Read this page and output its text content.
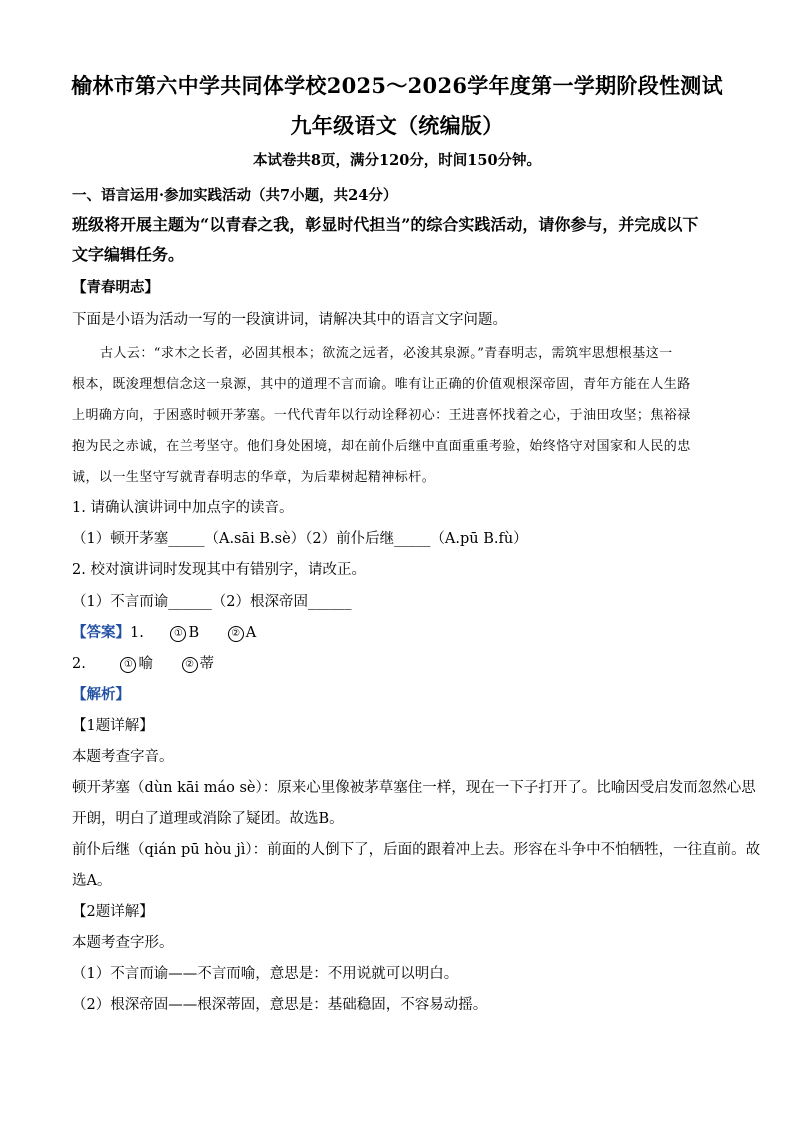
榆林市第六中学共同体学校2025～2026学年度第一学期阶段性测试
九年级语文（统编版）
本试卷共8页，满分120分，时间150分钟。
一、语言运用·参加实践活动（共7小题，共24分）
班级将开展主题为“以青春之我，彰显时代担当”的综合实践活动，请你参与，并完成以下
文字编辑任务。
【青春明志】
下面是小语为活动一写的一段演讲词，请解决其中的语言文字问题。
古人云：“求木之长者，必固其根本；欲流之远者，必浚其泉源。”青春明志，需筑牢思想根基这一
根本，既浚理想信念这一泉源，其中的道理不言而谕。唯有让正确的价值观根深帝固，青年方能在人生路
上明确方向，于困惑时顿开茅塞。一代代青年以行动诠释初心：王进喜怀找着之心，于油田攻坚；焦裕禄
抱为民之赤诚，在兰考坚守。他们身处困境，却在前仆后继中直面重重考验，始终恪守对国家和人民的忠
诚，以一生坚守写就青春明志的华章，为后辈树起精神标杆。
1. 请确认演讲词中加点字的读音。
（1）顿开茅塞_____（A.sāi B.sè）（2）前仆后继_____（A.pū B.fù）
2. 校对演讲词时发现其中有错别字，请改正。
（1）不言而谕______（2）根深帝固______
【答案】1.	① B	② A
2.	① 喻	② 蒂
【解析】
【1题详解】
本题考查字音。
顿开茅塞（dùn kāi máo sè）：原来心里像被茅草塞住一样，现在一下子打开了。比喻因受启发而忽然心思
开朗，明白了道理或消除了疑团。故选B。
前仆后继（qián pū hòu jì）：前面的人倒下了，后面的跟着冲上去。形容在斗争中不怕牺牲，一往直前。故
选A。
【2题详解】
本题考查字形。
（1）不言而谕——不言而喻，意思是：不用说就可以明白。
（2）根深帝固——根深蒂固，意思是：基础稳固，不容易动摇。
